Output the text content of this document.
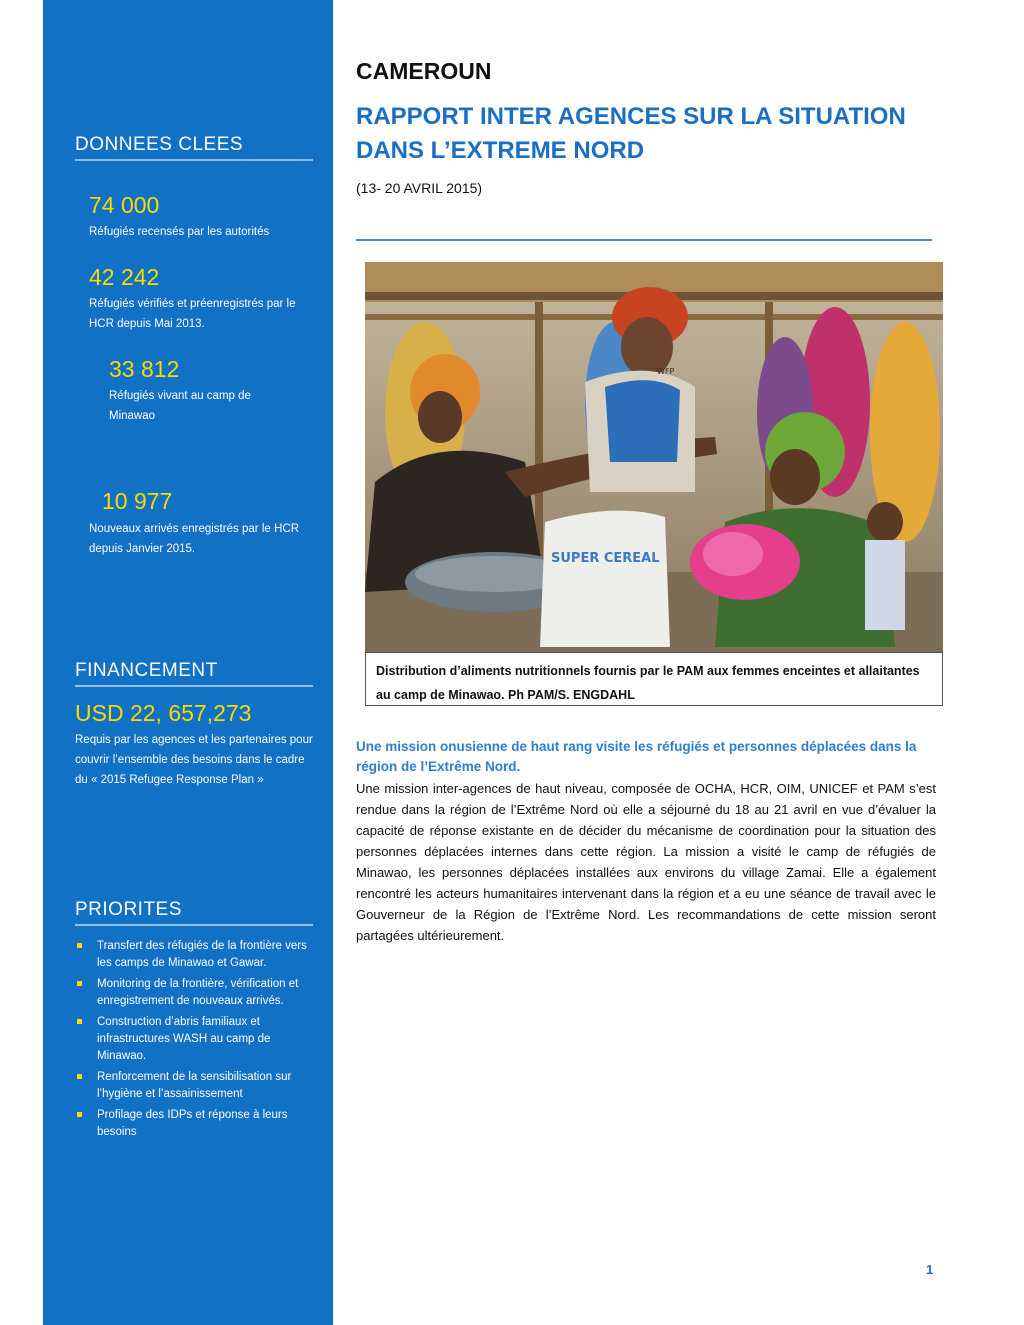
DONNEES CLEES
74 000
Réfugiés recensés par les autorités
42 242
Réfugiés vérifiés et préenregistrés par le HCR depuis Mai 2013.
33 812
Réfugiés vivant au camp de Minawao
10 977
Nouveaux arrivés enregistrés par le HCR depuis Janvier 2015.
FINANCEMENT
USD 22, 657,273
Requis par les agences et les partenaires pour couvrir l’ensemble des besoins dans le cadre du « 2015 Refugee Response Plan »
PRIORITES
Transfert des réfugiés de la frontière vers les camps de Minawao et Gawar.
Monitoring de la frontière, vérification et enregistrement de nouveaux arrivés.
Construction d’abris familiaux et infrastructures WASH au camp de Minawao.
Renforcement de la sensibilisation sur l’hygiène et l’assainissement
Profilage des IDPs et réponse à leurs besoins
CAMEROUN
RAPPORT INTER AGENCES SUR LA SITUATION
DANS L’EXTREME NORD
(13- 20 AVRIL 2015)
WFP
SUPER CEREAL
Distribution d’aliments nutritionnels fournis par le PAM aux femmes enceintes et allaitantes au camp de Minawao. Ph PAM/S. ENGDAHL
Une mission onusienne de haut rang visite les réfugiés et personnes déplacées dans la région de l’Extrême Nord.
Une mission inter-agences de haut niveau, composée de OCHA, HCR, OIM, UNICEF et PAM s’est rendue dans la région de l’Extrême Nord où elle a séjourné du 18 au 21 avril en vue d’évaluer la capacité de réponse existante en de décider du mécanisme de coordination pour la situation des personnes déplacées internes dans cette région. La mission a visité le camp de réfugiés de Minawao, les personnes déplacées installées aux environs du village Zamai. Elle a également rencontré les acteurs humanitaires intervenant dans la région et a eu une séance de travail avec le Gouverneur de la Région de l’Extrême Nord. Les recommandations de cette mission seront partagées ultérieurement.
1
